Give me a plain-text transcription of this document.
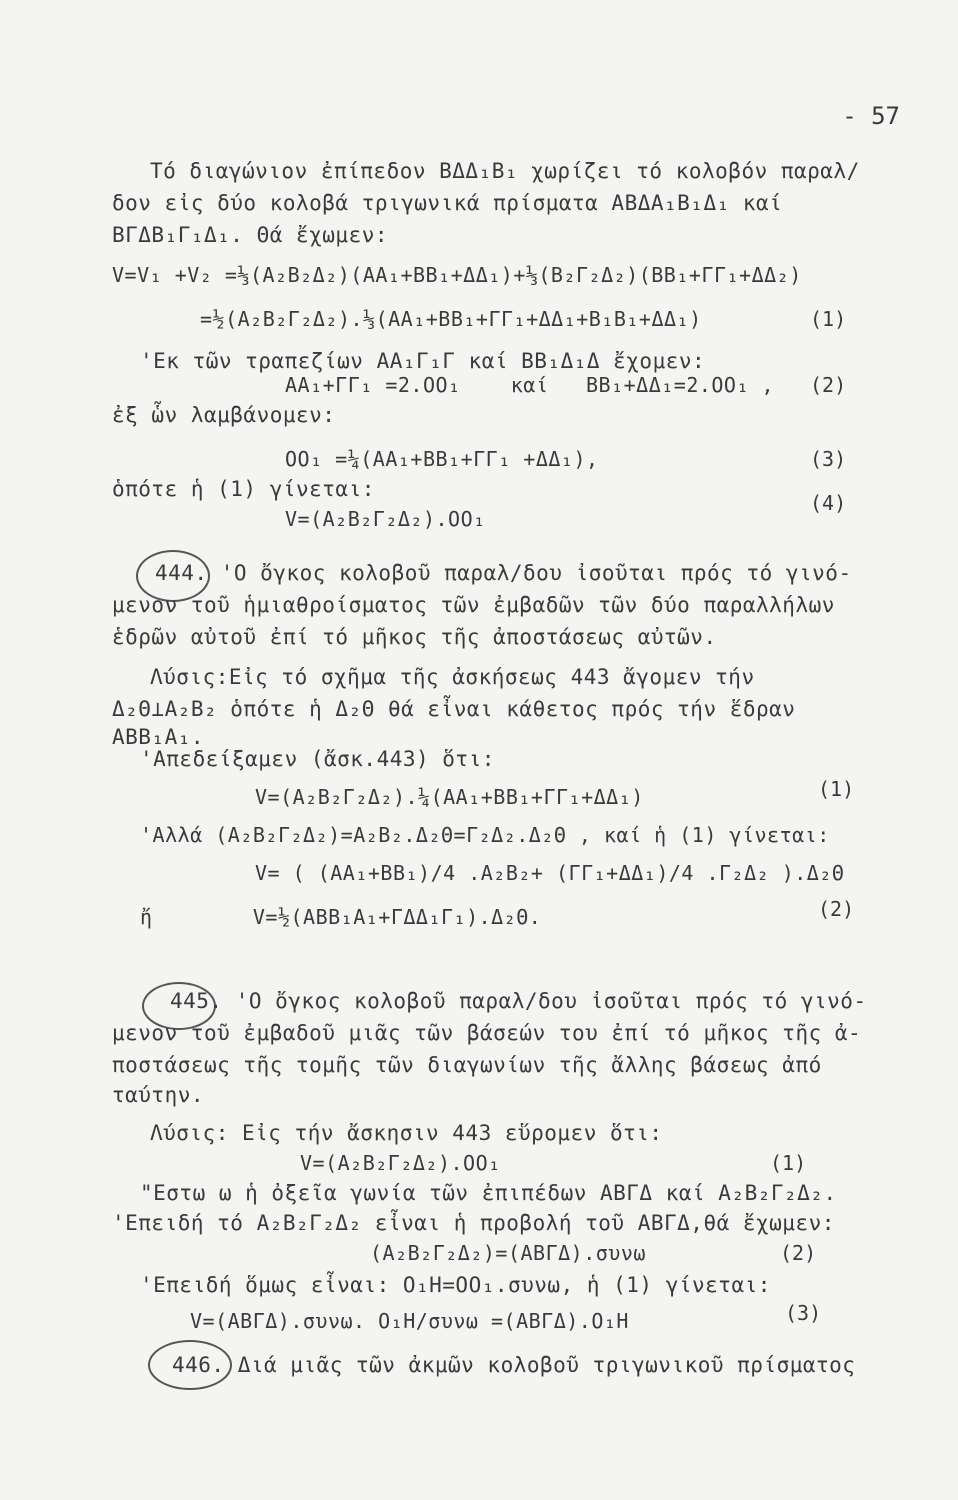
- 57
Τό διαγώνιον ἐπίπεδον ΒΔΔ₁Β₁ χωρίζει τό κολοβόν παραλ/
δον εἰς δύο κολοβά τριγωνικά πρίσματα ΑΒΔΑ₁Β₁Δ₁ καί
ΒΓΔΒ₁Γ₁Δ₁. Θά ἔχωμεν:
V=V₁ +V₂ =⅓(Α₂Β₂Δ₂)(ΑΑ₁+ΒΒ₁+ΔΔ₁)+⅓(Β₂Γ₂Δ₂)(ΒΒ₁+ΓΓ₁+ΔΔ₂)
=½(Α₂Β₂Γ₂Δ₂).⅓(ΑΑ₁+ΒΒ₁+ΓΓ₁+ΔΔ₁+Β₁Β₁+ΔΔ₁)	(1)
'Εκ τῶν τραπεζίων ΑΑ₁Γ₁Γ καί ΒΒ₁Δ₁Δ ἔχομεν:
ΑΑ₁+ΓΓ₁ =2.ΟΟ₁    καί   ΒΒ₁+ΔΔ₁=2.ΟΟ₁ , (2)
ἐξ ὧν λαμβάνομεν:
ΟΟ₁ =¼(ΑΑ₁+ΒΒ₁+ΓΓ₁ +ΔΔ₁),	(3)
ὁπότε ἡ (1) γίνεται:
V=(Α₂Β₂Γ₂Δ₂).ΟΟ₁
(4)
444. 'Ο ὄγκος κολοβοῦ παραλ/δου ἰσοῦται πρός τό γινό-
μενον τοῦ ἡμιαθροίσματος τῶν ἐμβαδῶν τῶν δύο παραλλήλων
ἑδρῶν αὐτοῦ ἐπί τό μῆκος τῆς ἀποστάσεως αὐτῶν.
Λύσις:Εἰς τό σχῆμα τῆς ἀσκήσεως 443 ἄγομεν τήν
Δ₂Θ⊥Α₂Β₂ ὁπότε ἡ Δ₂Θ θά εἶναι κάθετος πρός τήν ἕδραν
ΑΒΒ₁Α₁.
'Απεδείξαμεν (ἄσκ.443) ὅτι:
V=(Α₂Β₂Γ₂Δ₂).¼(ΑΑ₁+ΒΒ₁+ΓΓ₁+ΔΔ₁)	(1)
'Αλλά (Α₂Β₂Γ₂Δ₂)=Α₂Β₂.Δ₂Θ=Γ₂Δ₂.Δ₂Θ , καί ἡ (1) γίνεται:
V= ( (ΑΑ₁+ΒΒ₁)/4 .Α₂Β₂+ (ΓΓ₁+ΔΔ₁)/4 .Γ₂Δ₂ ).Δ₂Θ
ἤ        V=½(ΑΒΒ₁Α₁+ΓΔΔ₁Γ₁).Δ₂Θ.	(2)
445. 'Ο ὄγκος κολοβοῦ παραλ/δου ἰσοῦται πρός τό γινό-
μενον τοῦ ἐμβαδοῦ μιᾶς τῶν βάσεών του ἐπί τό μῆκος τῆς ἀ-
ποστάσεως τῆς τομῆς τῶν διαγωνίων τῆς ἄλλης βάσεως ἀπό
ταύτην.
Λύσις: Εἰς τήν ἄσκησιν 443 εὕρομεν ὅτι:
V=(Α₂Β₂Γ₂Δ₂).ΟΟ₁	(1)
"Εστω ω ἡ ὀξεῖα γωνία τῶν ἐπιπέδων ΑΒΓΔ καί Α₂Β₂Γ₂Δ₂.
'Επειδή τό Α₂Β₂Γ₂Δ₂ εἶναι ἡ προβολή τοῦ ΑΒΓΔ,θά ἔχωμεν:
(Α₂Β₂Γ₂Δ₂)=(ΑΒΓΔ).συνω	(2)
'Επειδή ὅμως εἶναι: Ο₁Η=ΟΟ₁.συνω, ἡ (1) γίνεται:
V=(ΑΒΓΔ).συνω. Ο₁Η/συνω =(ΑΒΓΔ).Ο₁Η	(3)
446. Διά μιᾶς τῶν ἀκμῶν κολοβοῦ τριγωνικοῦ πρίσματος
